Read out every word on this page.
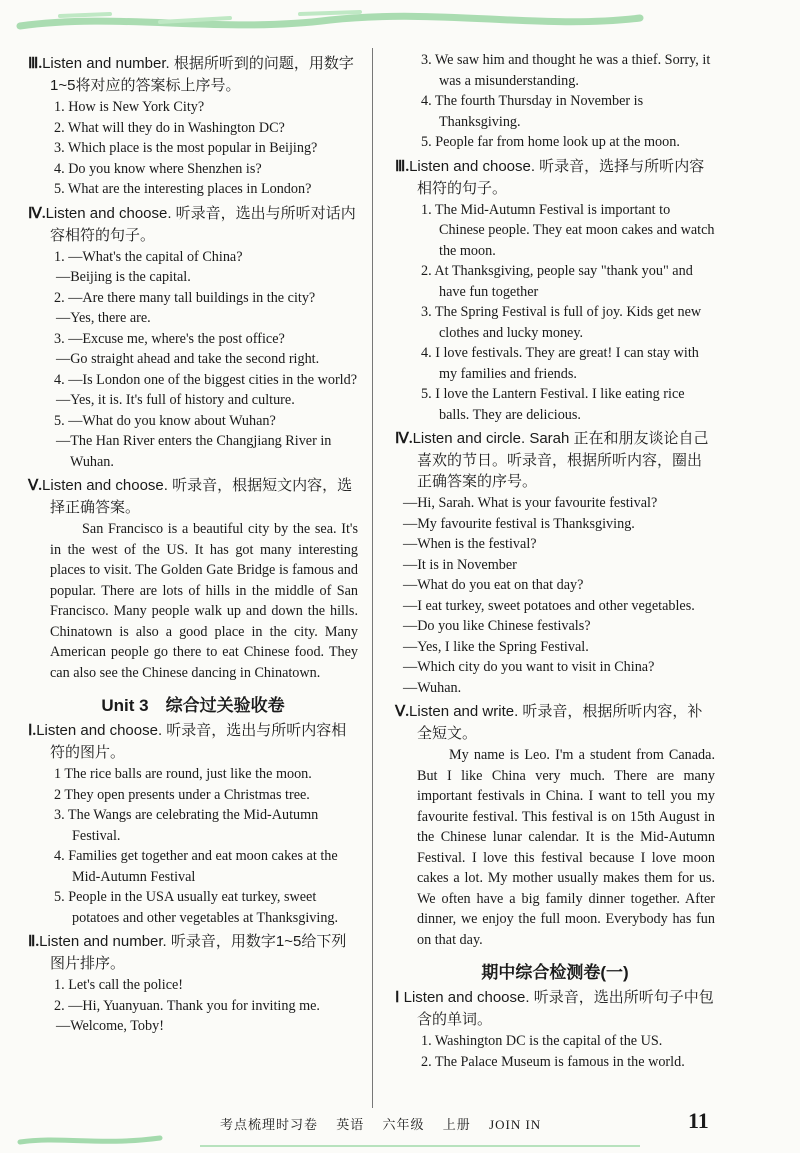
Ⅲ.Listen and number. 根据所听到的问题，用数字1~5将对应的答案标上序号。
1. How is New York City?
2. What will they do in Washington DC?
3. Which place is the most popular in Beijing?
4. Do you know where Shenzhen is?
5. What are the interesting places in London?
Ⅳ.Listen and choose. 听录音，选出与所听对话内容相符的句子。
1. —What's the capital of China?
—Beijing is the capital.
2. —Are there many tall buildings in the city?
—Yes, there are.
3. —Excuse me, where's the post office?
—Go straight ahead and take the second right.
4. —Is London one of the biggest cities in the world?
—Yes, it is. It's full of history and culture.
5. —What do you know about Wuhan?
—The Han River enters the Changjiang River in Wuhan.
Ⅴ.Listen and choose. 听录音，根据短文内容，选择正确答案。

San Francisco is a beautiful city by the sea. It's in the west of the US. It has got many interesting places to visit. The Golden Gate Bridge is famous and popular. There are lots of hills in the middle of San Francisco. Many people walk up and down the hills. Chinatown is also a good place in the city. Many American people go there to eat Chinese food. They can also see the Chinese dancing in Chinatown.

Unit 3　综合过关验收卷
Ⅰ.Listen and choose. 听录音，选出与所听内容相符的图片。
1 The rice balls are round, just like the moon.
2 They open presents under a Christmas tree.
3. The Wangs are celebrating the Mid-Autumn Festival.
4. Families get together and eat moon cakes at the Mid-Autumn Festival
5. People in the USA usually eat turkey, sweet potatoes and other vegetables at Thanksgiving.
Ⅱ.Listen and number. 听录音，用数字1~5给下列图片排序。
1. Let's call the police!
2. —Hi, Yuanyuan. Thank you for inviting me.
—Welcome, Toby!
3. We saw him and thought he was a thief. Sorry, it was a misunderstanding.
4. The fourth Thursday in November is Thanksgiving.
5. People far from home look up at the moon.
Ⅲ.Listen and choose. 听录音，选择与所听内容相符的句子。
1. The Mid-Autumn Festival is important to Chinese people. They eat moon cakes and watch the moon.
2. At Thanksgiving, people say "thank you" and have fun together
3. The Spring Festival is full of joy. Kids get new clothes and lucky money.
4. I love festivals. They are great! I can stay with my families and friends.
5. I love the Lantern Festival. I like eating rice balls. They are delicious.
Ⅳ.Listen and circle. Sarah 正在和朋友谈论自己喜欢的节日。听录音，根据所听内容，圈出正确答案的序号。
—Hi, Sarah. What is your favourite festival?
—My favourite festival is Thanksgiving.
—When is the festival?
—It is in November
—What do you eat on that day?
—I eat turkey, sweet potatoes and other vegetables.
—Do you like Chinese festivals?
—Yes, I like the Spring Festival.
—Which city do you want to visit in China?
—Wuhan.
Ⅴ.Listen and write. 听录音，根据所听内容，补全短文。

My name is Leo. I'm a student from Canada. But I like China very much. There are many important festivals in China. I want to tell you my favourite festival. This festival is on 15th August in the Chinese lunar calendar. It is the Mid-Autumn Festival. I love this festival because I love moon cakes a lot. My mother usually makes them for us. We often have a big family dinner together. After dinner, we enjoy the full moon. Everybody has fun on that day.

期中综合检测卷(一)
Ⅰ Listen and choose. 听录音，选出所听句子中包含的单词。
1. Washington DC is the capital of the US.
2. The Palace Museum is famous in the world.
考点梳理时习卷 英语 六年级 上册 JOIN IN	11
